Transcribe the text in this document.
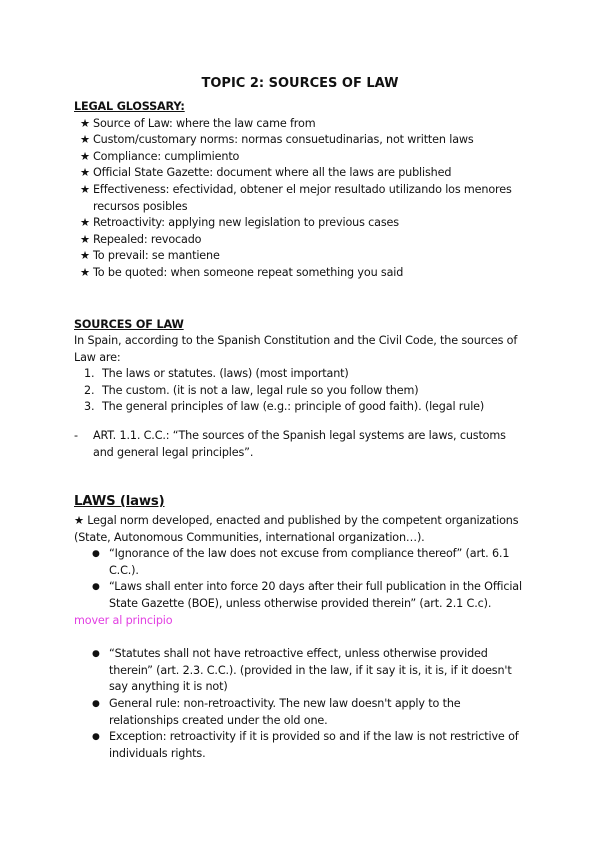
TOPIC 2: SOURCES OF LAW
LEGAL GLOSSARY:
★ Source of Law: where the law came from
★ Custom/customary norms: normas consuetudinarias, not written laws
★ Compliance: cumplimiento
★ Official State Gazette: document where all the laws are published
★ Effectiveness: efectividad, obtener el mejor resultado utilizando los menores recursos posibles
★ Retroactivity: applying new legislation to previous cases
★ Repealed: revocado
★ To prevail: se mantiene
★ To be quoted: when someone repeat something you said
SOURCES OF LAW
In Spain, according to the Spanish Constitution and the Civil Code, the sources of Law are:
1. The laws or statutes. (laws) (most important)
2. The custom. (it is not a law, legal rule so you follow them)
3. The general principles of law (e.g.: principle of good faith). (legal rule)
-	ART. 1.1. C.C.: “The sources of the Spanish legal systems are laws, customs and general legal principles”.
LAWS (laws)
★ Legal norm developed, enacted and published by the competent organizations (State, Autonomous Communities, international organization…).
● “Ignorance of the law does not excuse from compliance thereof” (art. 6.1 C.C.).
● “Laws shall enter into force 20 days after their full publication in the Official State Gazette (BOE), unless otherwise provided therein” (art. 2.1 C.c).
mover al principio
● “Statutes shall not have retroactive effect, unless otherwise provided therein” (art. 2.3. C.C.). (provided in the law, if it say it is, it is, if it doesn't say anything it is not)
● General rule: non-retroactivity. The new law doesn't apply to the relationships created under the old one.
● Exception: retroactivity if it is provided so and if the law is not restrictive of individuals rights.
